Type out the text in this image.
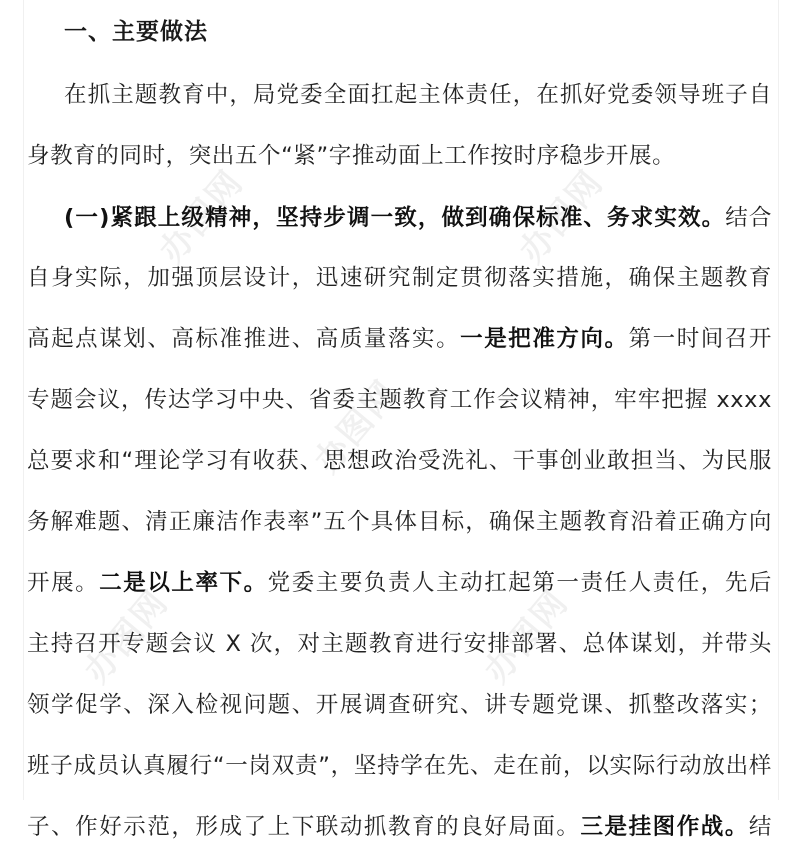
一、主要做法
在抓主题教育中，局党委全面扛起主体责任，在抓好党委领导班子自
身教育的同时，突出五个“紧”字推动面上工作按时序稳步开展。
(一)紧跟上级精神，坚持步调一致，做到确保标准、务求实效。结合
自身实际，加强顶层设计，迅速研究制定贯彻落实措施，确保主题教育
高起点谋划、高标准推进、高质量落实。一是把准方向。第一时间召开
专题会议，传达学习中央、省委主题教育工作会议精神，牢牢把握 xxxx
总要求和“理论学习有收获、思想政治受洗礼、干事创业敢担当、为民服
务解难题、清正廉洁作表率”五个具体目标，确保主题教育沿着正确方向
开展。二是以上率下。党委主要负责人主动扛起第一责任人责任，先后
主持召开专题会议 X 次，对主题教育进行安排部署、总体谋划，并带头
领学促学、深入检视问题、开展调查研究、讲专题党课、抓整改落实；
班子成员认真履行“一岗双责”，坚持学在先、走在前，以实际行动放出样
子、作好示范，形成了上下联动抓教育的良好局面。三是挂图作战。结
办图网	办图网
办图网
办图网	办图网
